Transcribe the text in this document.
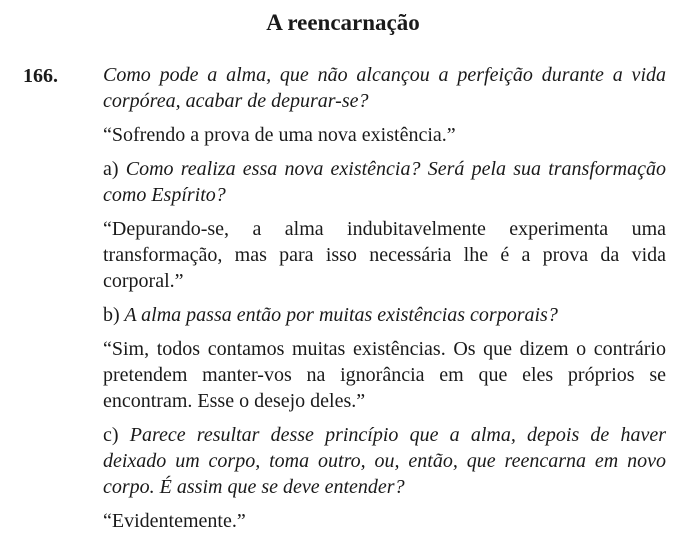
A reencarnação
166. Como pode a alma, que não alcançou a perfeição durante a vida corpórea, acabar de depurar-se?

“Sofrendo a prova de uma nova existência.”

a) Como realiza essa nova existência? Será pela sua transformação como Espírito?

“Depurando-se, a alma indubitavelmente experimenta uma transformação, mas para isso necessária lhe é a prova da vida corporal.”

b) A alma passa então por muitas existências corporais?

“Sim, todos contamos muitas existências. Os que dizem o contrário pretendem manter-vos na ignorância em que eles próprios se encontram. Esse o desejo deles.”

c) Parece resultar desse princípio que a alma, depois de haver deixado um corpo, toma outro, ou, então, que reencarna em novo corpo. É assim que se deve entender?

“Evidentemente.”
